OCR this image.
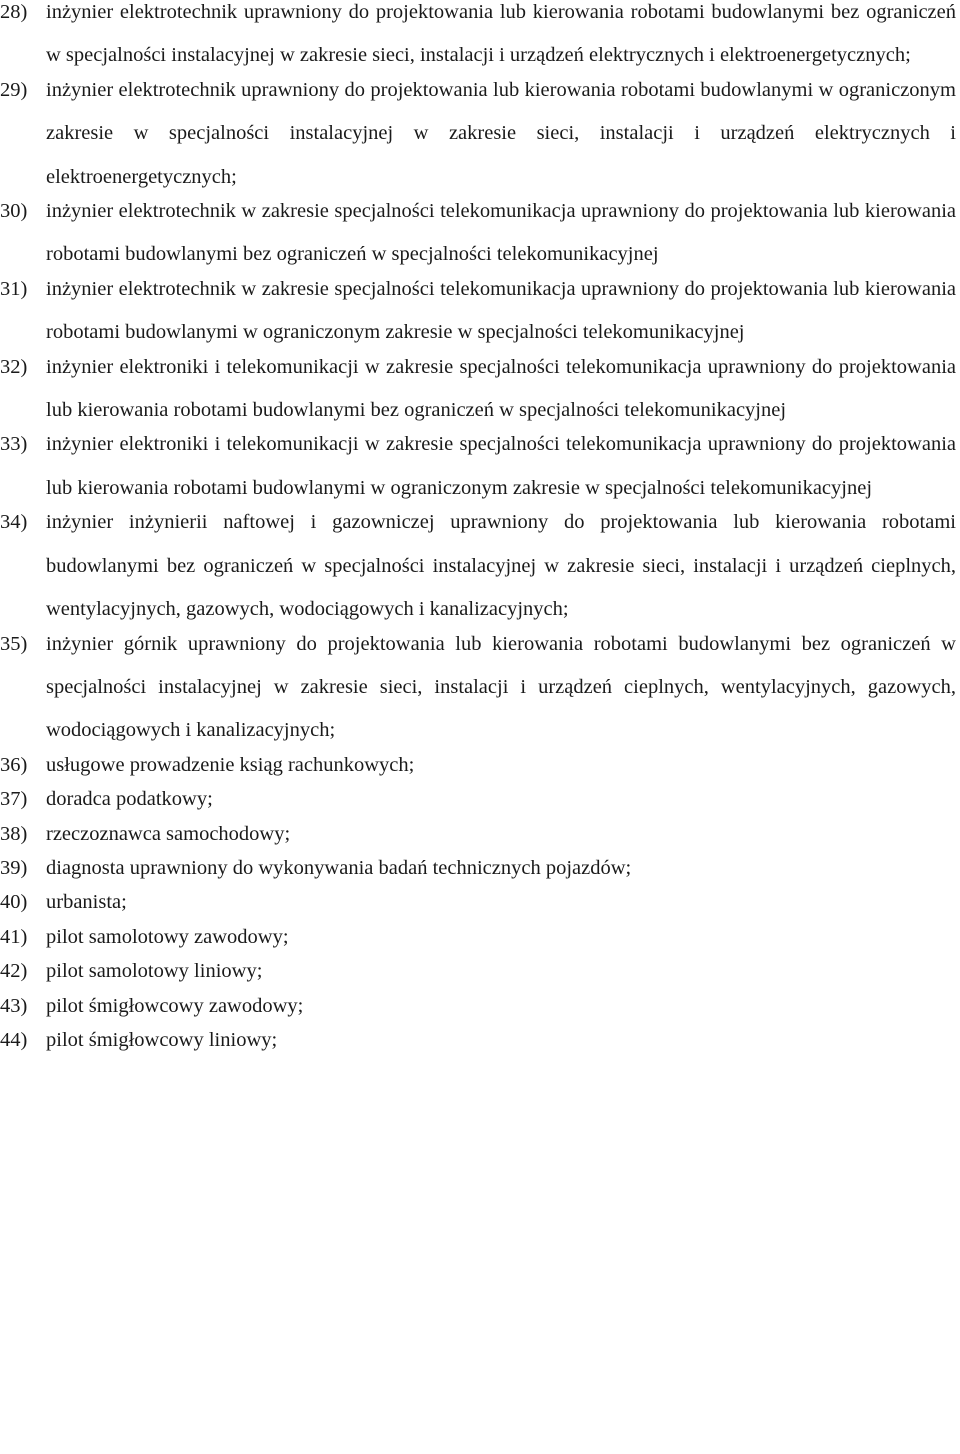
28) inżynier elektrotechnik uprawniony do projektowania lub kierowania robotami budowlanymi bez ograniczeń w specjalności instalacyjnej w zakresie sieci, instalacji i urządzeń elektrycznych i elektroenergetycznych;
29) inżynier elektrotechnik uprawniony do projektowania lub kierowania robotami budowlanymi w ograniczonym zakresie w specjalności instalacyjnej w zakresie sieci, instalacji i urządzeń elektrycznych i elektroenergetycznych;
30) inżynier elektrotechnik w zakresie specjalności telekomunikacja uprawniony do projektowania lub kierowania robotami budowlanymi bez ograniczeń w specjalności telekomunikacyjnej
31) inżynier elektrotechnik w zakresie specjalności telekomunikacja uprawniony do projektowania lub kierowania robotami budowlanymi w ograniczonym zakresie w specjalności telekomunikacyjnej
32) inżynier elektroniki i telekomunikacji w zakresie specjalności telekomunikacja uprawniony do projektowania lub kierowania robotami budowlanymi bez ograniczeń w specjalności telekomunikacyjnej
33) inżynier elektroniki i telekomunikacji w zakresie specjalności telekomunikacja uprawniony do projektowania lub kierowania robotami budowlanymi w ograniczonym zakresie w specjalności telekomunikacyjnej
34) inżynier inżynierii naftowej i gazowniczej uprawniony do projektowania lub kierowania robotami budowlanymi bez ograniczeń w specjalności instalacyjnej w zakresie sieci, instalacji i urządzeń cieplnych, wentylacyjnych, gazowych, wodociągowych i kanalizacyjnych;
35) inżynier górnik uprawniony do projektowania lub kierowania robotami budowlanymi bez ograniczeń w specjalności instalacyjnej w zakresie sieci, instalacji i urządzeń cieplnych, wentylacyjnych, gazowych, wodociągowych i kanalizacyjnych;
36) usługowe prowadzenie ksiąg rachunkowych;
37) doradca podatkowy;
38) rzeczoznawca samochodowy;
39) diagnosta uprawniony do wykonywania badań technicznych pojazdów;
40) urbanista;
41) pilot samolotowy zawodowy;
42) pilot samolotowy liniowy;
43) pilot śmigłowcowy zawodowy;
44) pilot śmigłowcowy liniowy;
